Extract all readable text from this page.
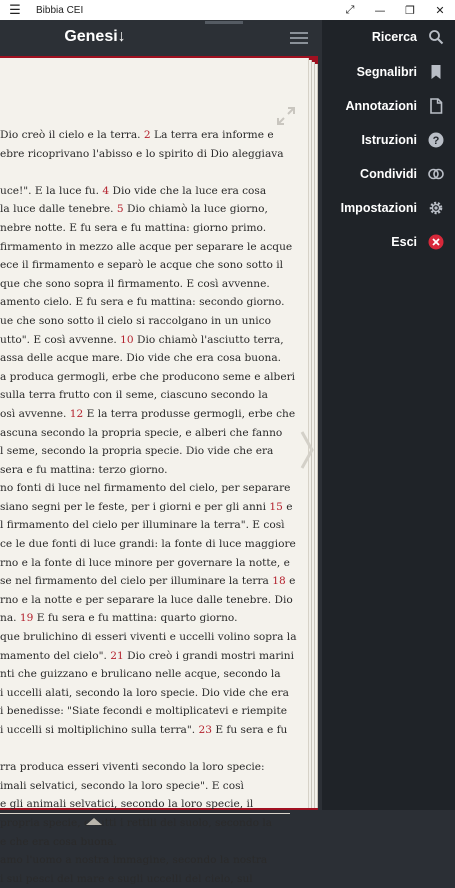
☰	Bibbia CEI	⤢	—	❐	✕
Genesi↓
Dio creò il cielo e la terra. 2 La terra era informe e
ebre ricoprivano l'abisso e lo spirito di Dio aleggiava
uce!". E la luce fu. 4 Dio vide che la luce era cosa
la luce dalle tenebre. 5 Dio chiamò la luce giorno,
nebre notte. E fu sera e fu mattina: giorno primo.
firmamento in mezzo alle acque per separare le acque
ece il firmamento e separò le acque che sono sotto il
que che sono sopra il firmamento. E così avvenne.
amento cielo. E fu sera e fu mattina: secondo giorno.
ue che sono sotto il cielo si raccolgano in un unico
utto". E così avvenne. 10 Dio chiamò l'asciutto terra,
assa delle acque mare. Dio vide che era cosa buona.
a produca germogli, erbe che producono seme e alberi
sulla terra frutto con il seme, ciascuno secondo la
osì avvenne. 12 E la terra produsse germogli, erbe che
ascuna secondo la propria specie, e alberi che fanno
l seme, secondo la propria specie. Dio vide che era
sera e fu mattina: terzo giorno.
no fonti di luce nel firmamento del cielo, per separare
siano segni per le feste, per i giorni e per gli anni 15 e
l firmamento del cielo per illuminare la terra". E così
ce le due fonti di luce grandi: la fonte di luce maggiore
rno e la fonte di luce minore per governare la notte, e
se nel firmamento del cielo per illuminare la terra 18 e
rno e la notte e per separare la luce dalle tenebre. Dio
na. 19 E fu sera e fu mattina: quarto giorno.
que brulichino di esseri viventi e uccelli volino sopra la
mamento del cielo". 21 Dio creò i grandi mostri marini
nti che guizzano e brulicano nelle acque, secondo la
i uccelli alati, secondo la loro specie. Dio vide che era
i benedisse: "Siate fecondi e moltiplicatevi e riempite
i uccelli si moltiplichino sulla terra". 23 E fu sera e fu
rra produca esseri viventi secondo la loro specie:
imali selvatici, secondo la loro specie". E così
e gli animali selvatici, secondo la loro specie, il
propria specie, e tutti i rettili del suolo, secondo la
e che era cosa buona.
amo l'uomo a nostra immagine, secondo la nostra
i sui pesci del mare e sugli uccelli del cielo, sul
Ricerca
Segnalibri
Annotazioni
Istruzioni ?
Condividi
Impostazioni
Esci
